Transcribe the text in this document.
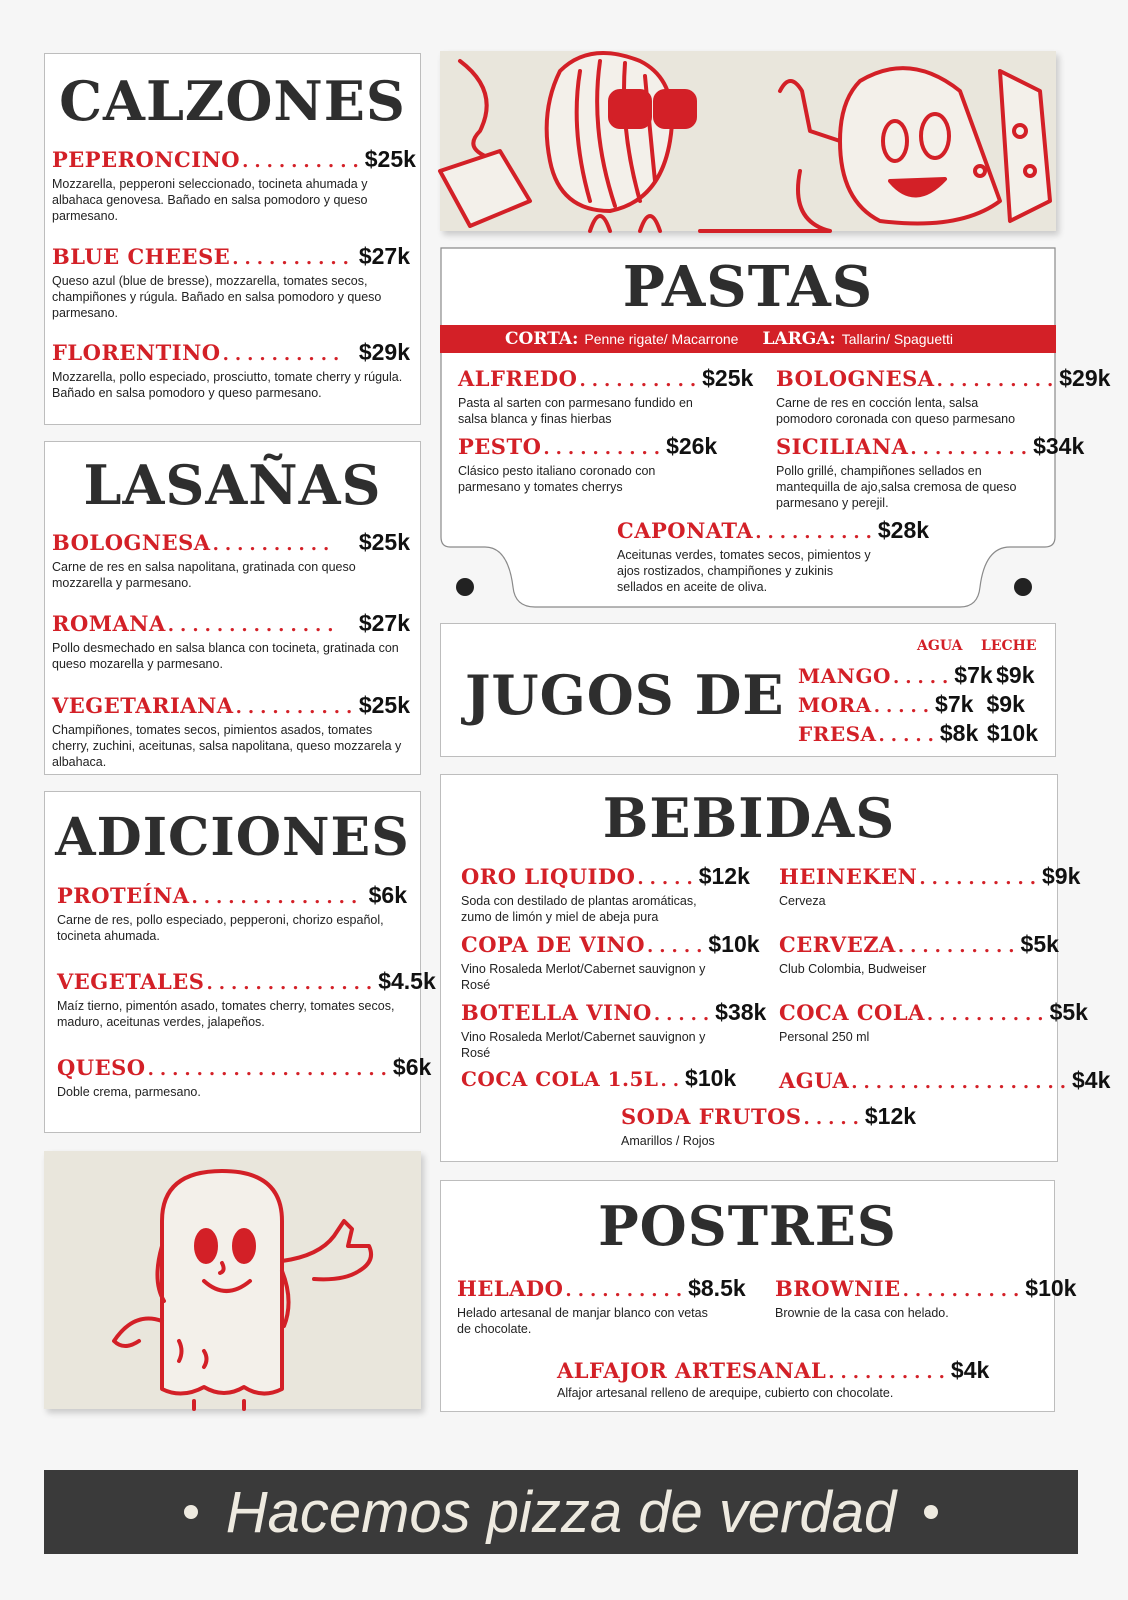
CALZONES
PEPERONCINO .......... $25k
Mozzarella, pepperoni seleccionado, tocineta ahumada y albahaca genovesa. Bañado en salsa pomodoro y queso parmesano.
BLUE CHEESE .......... $27k
Queso azul (blue de bresse), mozzarella, tomates secos, champiñones y rúgula. Bañado en salsa pomodoro y queso parmesano.
FLORENTINO .......... $29k
Mozzarella, pollo especiado, prosciutto, tomate cherry y rúgula. Bañado en salsa pomodoro y queso parmesano.
LASAÑAS
BOLOGNESA ..........	$25k
Carne de res en salsa napolitana, gratinada con queso mozzarella y parmesano.
ROMANA .............. $27k
Pollo desmechado en salsa blanca con tocineta, gratinada con queso mozarella y parmesano.
VEGETARIANA .......... $25k
Champiñones, tomates secos, pimientos asados, tomates cherry, zuchini, aceitunas, salsa napolitana, queso mozzarela y albahaca.
ADICIONES
PROTEÍNA .............. $6k
Carne de res, pollo especiado, pepperoni, chorizo español, tocineta ahumada.
VEGETALES .............. $4.5k
Maíz tierno, pimentón asado, tomates cherry, tomates secos, maduro, aceitunas verdes, jalapeños.
QUESO .................... $6k
Doble crema, parmesano.
PASTAS
CORTA: Penne rigate/ Macarrone LARGA: Tallarin/ Spaguetti
ALFREDO .......... $25k
Pasta al sarten con parmesano fundido en salsa blanca y finas hierbas
BOLOGNESA .......... $29k
Carne de res en cocción lenta, salsa pomodoro coronada con queso parmesano
PESTO .......... $26k
Clásico pesto italiano coronado con parmesano y tomates cherrys
SICILIANA .......... $34k
Pollo grillé, champiñones sellados en mantequilla de ajo,salsa cremosa de queso parmesano y perejil.
CAPONATA .......... $28k
Aceitunas verdes, tomates secos, pimientos y ajos rostizados, champiñones y zukinis sellados en aceite de oliva.
JUGOS DE
AGUA LECHE
MANGO ..... $7k $9k
MORA ..... $7k $9k
FRESA ..... $8k $10k
BEBIDAS
ORO LIQUIDO ..... $12k
Soda con destilado de plantas aromáticas, zumo de limón y miel de abeja pura
HEINEKEN .......... $9k
Cerveza
COPA DE VINO ..... $10k
Vino Rosaleda Merlot/Cabernet sauvignon y Rosé
CERVEZA .......... $5k
Club Colombia, Budweiser
BOTELLA VINO ..... $38k
Vino Rosaleda Merlot/Cabernet sauvignon y Rosé
COCA COLA .......... $5k
Personal 250 ml
COCA COLA 1.5L .. $10k AGUA .................. $4k
SODA FRUTOS ..... $12k
Amarillos / Rojos
POSTRES
HELADO .......... $8.5k
Helado artesanal de manjar blanco con vetas de chocolate.
BROWNIE .......... $10k
Brownie de la casa con helado.
ALFAJOR ARTESANAL .......... $4k
Alfajor artesanal relleno de arequipe, cubierto con chocolate.
Hacemos pizza de verdad
